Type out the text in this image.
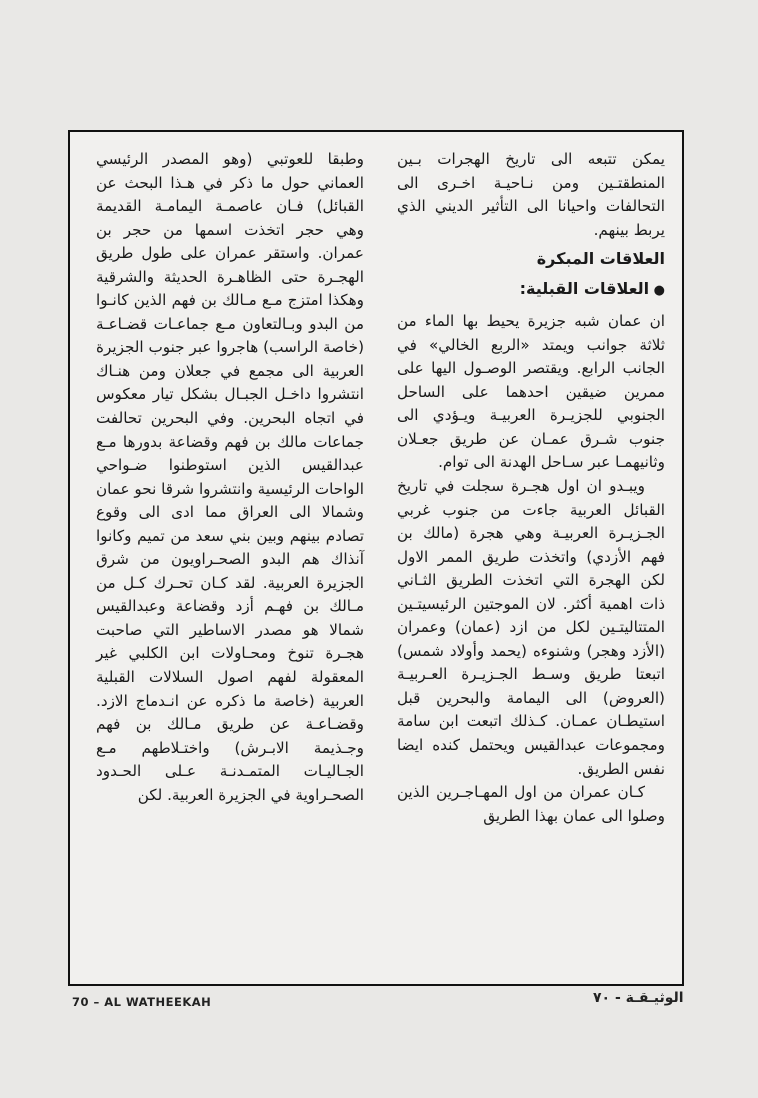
يمكن تتبعه الى تاريخ الهجرات بـين المنطقتـين ومن نـاحيـة اخـرى الى التحالفات واحيانا الى التأثير الديني الذي يربط بينهم.

العلاقات المبكرة
● العلاقات القبلية:

ان عمان شبه جزيرة يحيط بها الماء من ثلاثة جوانب ويمتد «الربع الخالي» في الجانب الرابع. ويقتصر الوصـول اليها على ممرين ضيقين احدهما على الساحل الجنوبي للجزيـرة العربيـة ويـؤدي الى جنوب شـرق عمـان عن طريق جعـلان وثانيهمـا عبر سـاحل الهدنة الى توام.

ويبـدو ان اول هجـرة سجلت في تاريخ القبائل العربية جاءت من جنوب غربي الجـزيـرة العربيـة وهي هجرة (مالك بن فهم الأزدي) واتخذت طريق الممر الاول لكن الهجرة التي اتخذت الطريق الثـاني ذات اهمية أكثر. لان الموجتين الرئيسيتـين المتتاليتـين لكل من ازد (عمان) وعمران (الأزد وهجر) وشنوءه (يحمد وأولاد شمس) اتبعتا طريق وسـط الجـزيـرة العـربيـة (العروض) الى اليمامة والبحرين قبل استيطـان عمـان. كـذلك اتبعت ابن سامة ومجموعات عبدالقيس ويحتمل كنده ايضا نفس الطريق.

كـان عمران من اول المهـاجـرين الذين وصلوا الى عمان بهذا الطريق

وطبقا للعوتبي (وهو المصدر الرئيسي العماني حول ما ذكر في هـذا البحث عن القبائل) فـان عاصمـة اليمامـة القديمة وهي حجر اتخذت اسمها من حجر بن عمران. واستقر عمران على طول طريق الهجـرة حتى الظاهـرة الحديثة والشرقية وهكذا امتزج مـع مـالك بن فهم الذين كانـوا من البدو وبـالتعاون مـع جماعـات قضـاعـة (خاصة الراسب) هاجروا عبر جنوب الجزيرة العربية الى مجمع في جعلان ومن هنـاك انتشروا داخـل الجبـال بشكل تيار معكوس في اتجاه البحرين. وفي البحرين تحالفت جماعات مالك بن فهم وقضاعة بدورها مـع عبدالقيس الذين استوطنوا ضـواحي الواحات الرئيسية وانتشروا شرقا نحو عمان وشمالا الى العراق مما ادى الى وقوع تصادم بينهم وبين بني سعد من تميم وكانوا آنذاك هم البدو الصحـراويون من شرق الجزيرة العربية. لقد كـان تحـرك كـل من مـالك بن فهـم أزد وقضاعة وعبدالقيس شمالا هو مصدر الاساطير التي صاحبت هجـرة تنوخ ومحـاولات ابن الكلبي غير المعقولة لفهم اصول السلالات القبلية العربية (خاصة ما ذكره عن انـدماج الازد. وقضـاعـة عن طريق مـالك بن فهم وجـذيمة الابـرش) واختـلاطهم مـع الجـاليـات المتمـدنـة عـلى الحـدود الصحـراوية في الجزيرة العربية. لكن

70 – AL WATHEEKAH	الوثيـقـة - ٧٠
